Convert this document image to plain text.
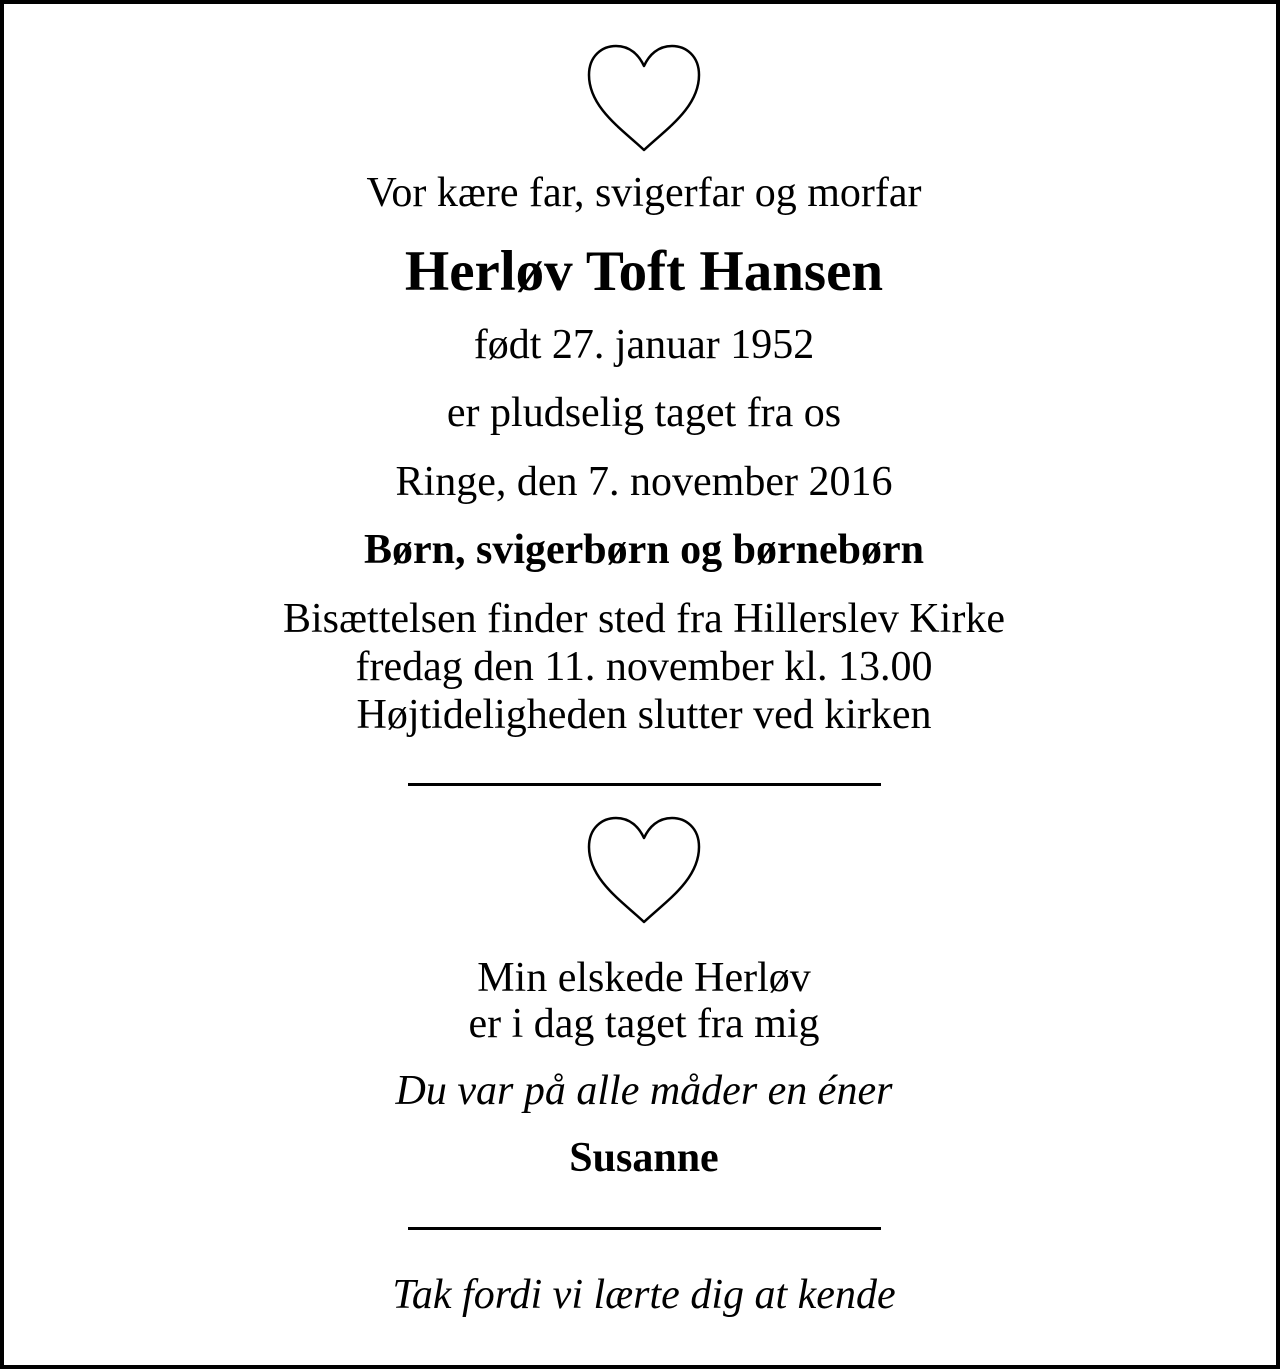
Vor kære far, svigerfar og morfar
Herløv Toft Hansen
født 27. januar 1952
er pludselig taget fra os
Ringe, den 7. november 2016
Børn, svigerbørn og børnebørn
Bisættelsen finder sted fra Hillerslev Kirke
fredag den 11. november kl. 13.00
Højtideligheden slutter ved kirken
Min elskede Herløv
er i dag taget fra mig
Du var på alle måder en éner
Susanne
Tak fordi vi lærte dig at kende
